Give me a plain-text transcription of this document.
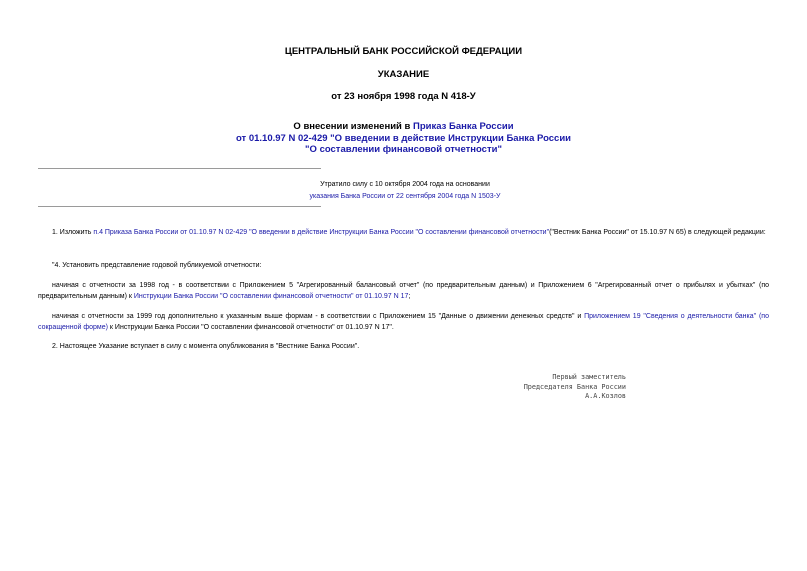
ЦЕНТРАЛЬНЫЙ БАНК РОССИЙСКОЙ ФЕДЕРАЦИИ
УКАЗАНИЕ
от 23 ноября 1998 года N 418-У
О внесении изменений в Приказ Банка России
от 01.10.97 N 02-429 "О введении в действие Инструкции Банка России
"О составлении финансовой отчетности"
Утратило силу с 10 октября 2004 года на основании
указания Банка России от 22 сентября 2004 года N 1503-У
1. Изложить п.4 Приказа Банка России от 01.10.97 N 02-429 "О введении в действие Инструкции Банка России "О составлении финансовой отчетности"("Вестник Банка России" от 15.10.97 N 65) в следующей редакции:
"4. Установить представление годовой публикуемой отчетности:
начиная с отчетности за 1998 год - в соответствии с Приложением 5 "Агрегированный балансовый отчет" (по предварительным данным) и Приложением 6 "Агрегированный отчет о прибылях и убытках" (по предварительным данным) к Инструкции Банка России "О составлении финансовой отчетности" от 01.10.97 N 17;
начиная с отчетности за 1999 год дополнительно к указанным выше формам - в соответствии с Приложением 15 "Данные о движении денежных средств" и Приложением 19 "Сведения о деятельности банка" (по сокращенной форме) к Инструкции Банка России "О составлении финансовой отчетности" от 01.10.97 N 17".
2. Настоящее Указание вступает в силу с момента опубликования в "Вестнике Банка России".
Первый заместитель
Председателя Банка России
А.А.Козлов
